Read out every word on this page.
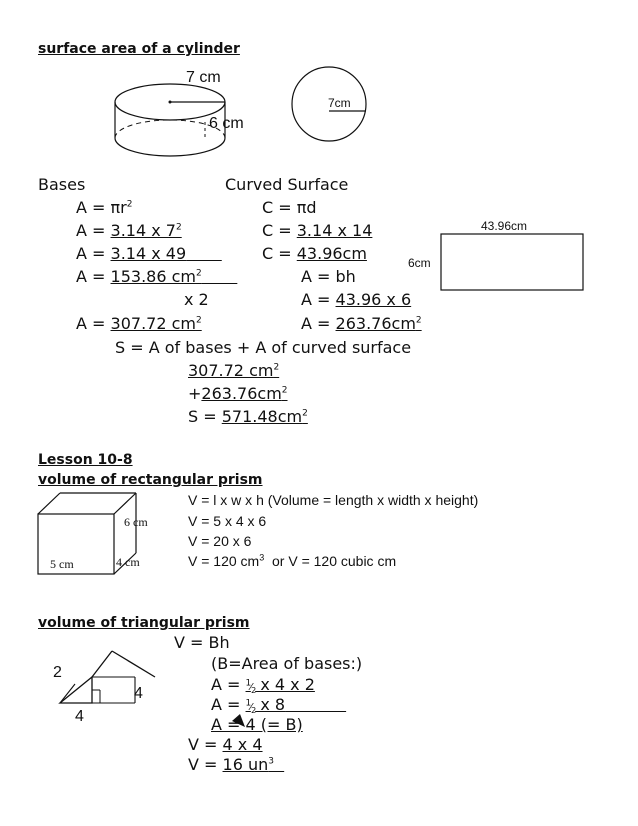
surface area of a cylinder
Lesson 10-8
volume of rectangular prism
volume of triangular prism
7 cm
6 cm
7cm
43.96cm
6cm
Bases
$A = \pi r^2$
A = 3.14 x $7^2$
A = 3.14 x 49
A = 153.86 $cm^2$
x 2
A = 307.72 $cm^2$
Curved Surface
C = πd
C = 3.14 x 14
C = 43.96cm
A = bh
A = 43.96 x 6
$A = 263.76cm^2$
S = A of bases + A of curved surface
307.72 $cm^2$
$+263.76cm^2$
$S = 571.48cm^2$
6 cm
4 cm
5 cm
V = l x w x h (Volume = length x width x height)
V = 5 x 4 x 6
V = 20 x 6
V = 120 $cm^3$  or V = 120 cubic cm
2
4
4
V = Bh
(B=Area of bases:)
$A = ^1⁄_2$ x 4 x 2
$A = ^1⁄_2$ x 8
A = 4 (= B)
V = 4 x 4
V = 16 $un^3$
